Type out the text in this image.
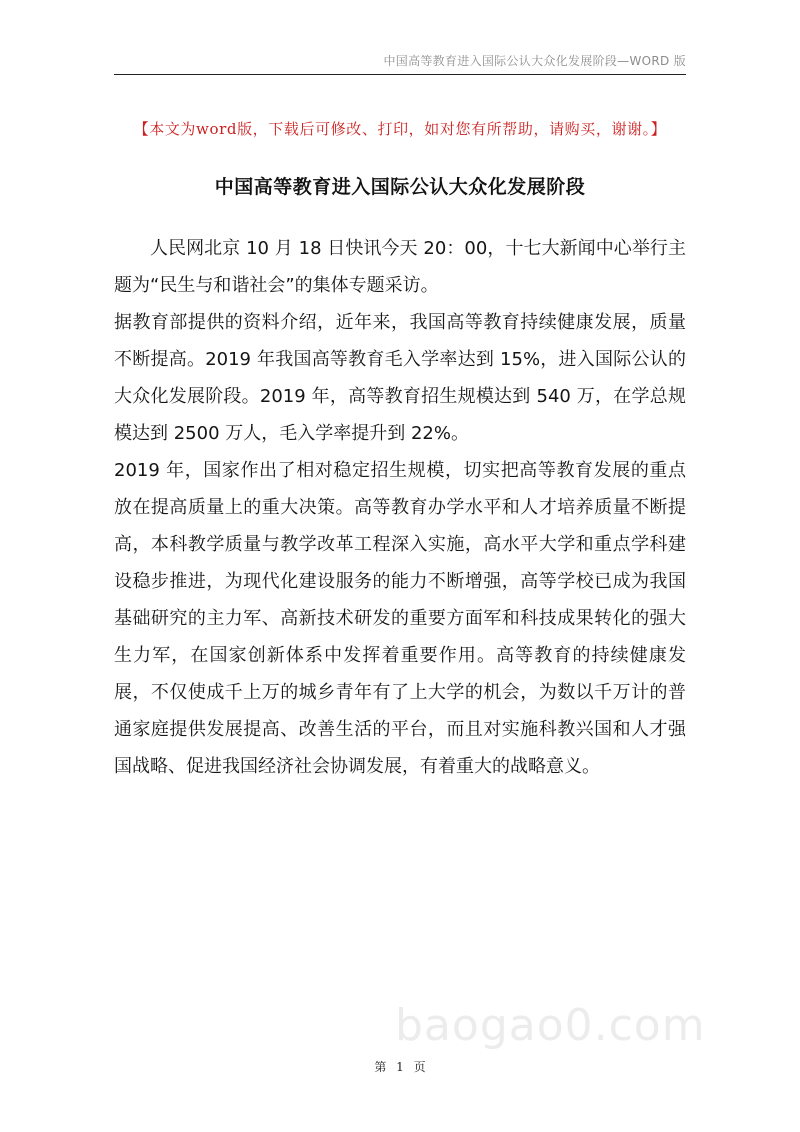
中国高等教育进入国际公认大众化发展阶段—WORD 版
【本文为word版，下载后可修改、打印，如对您有所帮助，请购买，谢谢。】
中国高等教育进入国际公认大众化发展阶段

人民网北京 10 月 18 日快讯今天 20：00，十七大新闻中心举行主题为“民生与和谐社会”的集体专题采访。

据教育部提供的资料介绍，近年来，我国高等教育持续健康发展，质量不断提高。2019 年我国高等教育毛入学率达到 15%，进入国际公认的大众化发展阶段。2019 年，高等教育招生规模达到 540 万，在学总规模达到 2500 万人，毛入学率提升到 22%。

2019 年，国家作出了相对稳定招生规模，切实把高等教育发展的重点放在提高质量上的重大决策。高等教育办学水平和人才培养质量不断提高，本科教学质量与教学改革工程深入实施，高水平大学和重点学科建设稳步推进，为现代化建设服务的能力不断增强，高等学校已成为我国基础研究的主力军、高新技术研发的重要方面军和科技成果转化的强大生力军，在国家创新体系中发挥着重要作用。高等教育的持续健康发展，不仅使成千上万的城乡青年有了上大学的机会，为数以千万计的普通家庭提供发展提高、改善生活的平台，而且对实施科教兴国和人才强国战略、促进我国经济社会协调发展，有着重大的战略意义。

baogao0.com
第 1 页
